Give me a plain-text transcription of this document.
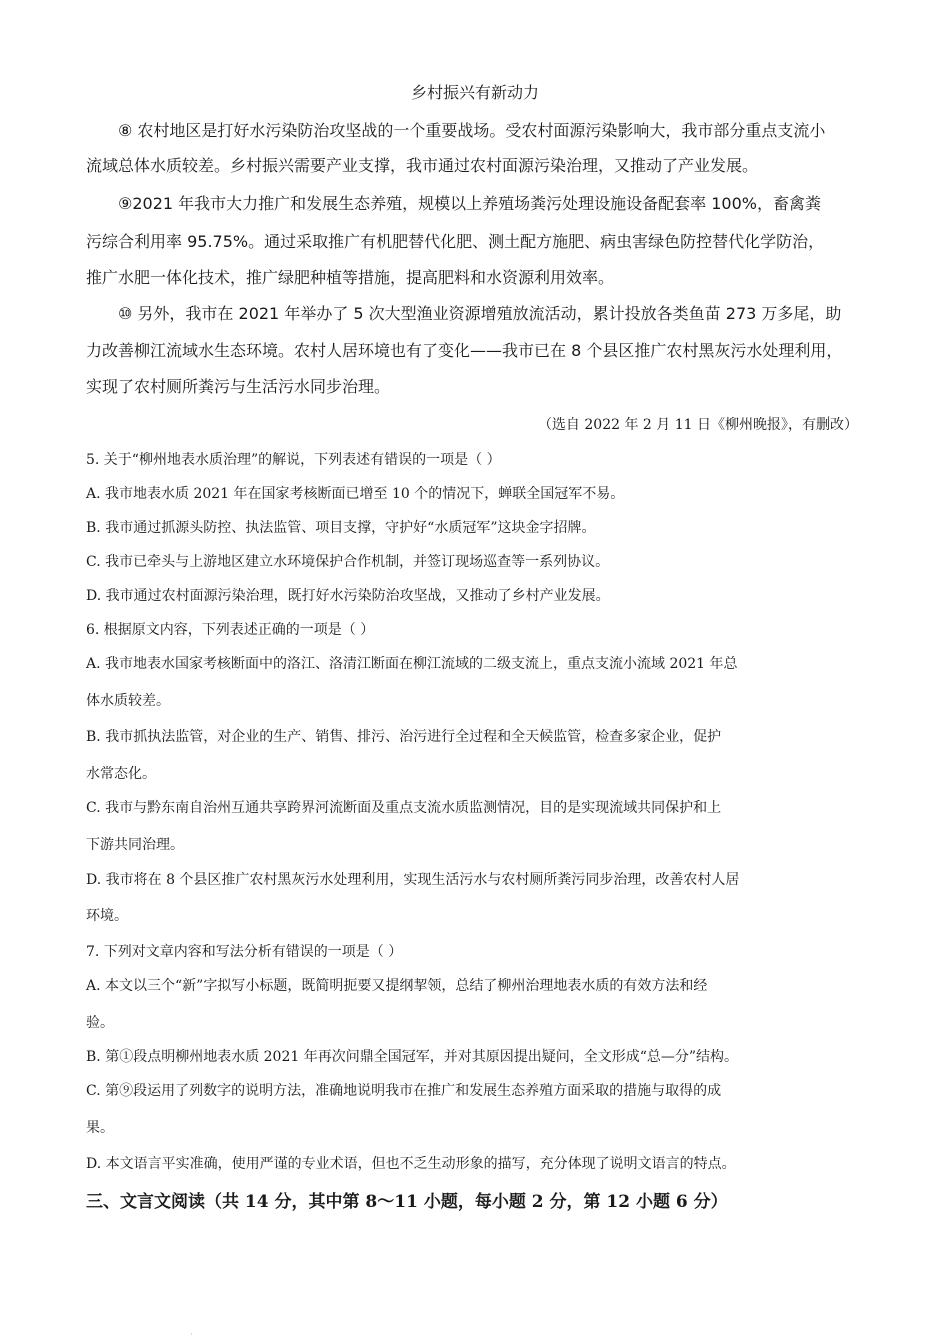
乡村振兴有新动力
⑧ 农村地区是打好水污染防治攻坚战的一个重要战场。受农村面源污染影响大，我市部分重点支流小
流域总体水质较差。乡村振兴需要产业支撑，我市通过农村面源污染治理，又推动了产业发展。
⑨2021 年我市大力推广和发展生态养殖，规模以上养殖场粪污处理设施设备配套率 100%，畜禽粪
污综合利用率 95.75%。通过采取推广有机肥替代化肥、测土配方施肥、病虫害绿色防控替代化学防治，
推广水肥一体化技术，推广绿肥种植等措施，提高肥料和水资源利用效率。
⑩ 另外，我市在 2021 年举办了 5 次大型渔业资源增殖放流活动，累计投放各类鱼苗 273 万多尾，助
力改善柳江流域水生态环境。农村人居环境也有了变化——我市已在 8 个县区推广农村黑灰污水处理利用，
实现了农村厕所粪污与生活污水同步治理。
（选自 2022 年 2 月 11 日《柳州晚报》，有删改）
5. 关于“柳州地表水质治理”的解说，下列表述有错误的一项是（ ）
A. 我市地表水质 2021 年在国家考核断面已增至 10 个的情况下，蝉联全国冠军不易。
B. 我市通过抓源头防控、执法监管、项目支撑，守护好“水质冠军”这块金字招牌。
C. 我市已牵头与上游地区建立水环境保护合作机制，并签订现场巡查等一系列协议。
D. 我市通过农村面源污染治理，既打好水污染防治攻坚战，又推动了乡村产业发展。
6. 根据原文内容，下列表述正确的一项是（ ）
A. 我市地表水国家考核断面中的洛江、洛清江断面在柳江流域的二级支流上，重点支流小流域 2021 年总
体水质较差。
B. 我市抓执法监管，对企业的生产、销售、排污、治污进行全过程和全天候监管，检查多家企业，促护
水常态化。
C. 我市与黔东南自治州互通共享跨界河流断面及重点支流水质监测情况，目的是实现流域共同保护和上
下游共同治理。
D. 我市将在 8 个县区推广农村黑灰污水处理利用，实现生活污水与农村厕所粪污同步治理，改善农村人居
环境。
7. 下列对文章内容和写法分析有错误的一项是（ ）
A. 本文以三个“新”字拟写小标题，既简明扼要又提纲挈领，总结了柳州治理地表水质的有效方法和经
验。
B. 第①段点明柳州地表水质 2021 年再次问鼎全国冠军，并对其原因提出疑问，全文形成“总—分”结构。
C. 第⑨段运用了列数字的说明方法，准确地说明我市在推广和发展生态养殖方面采取的措施与取得的成
果。
D. 本文语言平实准确，使用严谨的专业术语，但也不乏生动形象的描写，充分体现了说明文语言的特点。
三、文言文阅读（共 14 分，其中第 8～11 小题，每小题 2 分，第 12 小题 6 分）
·
